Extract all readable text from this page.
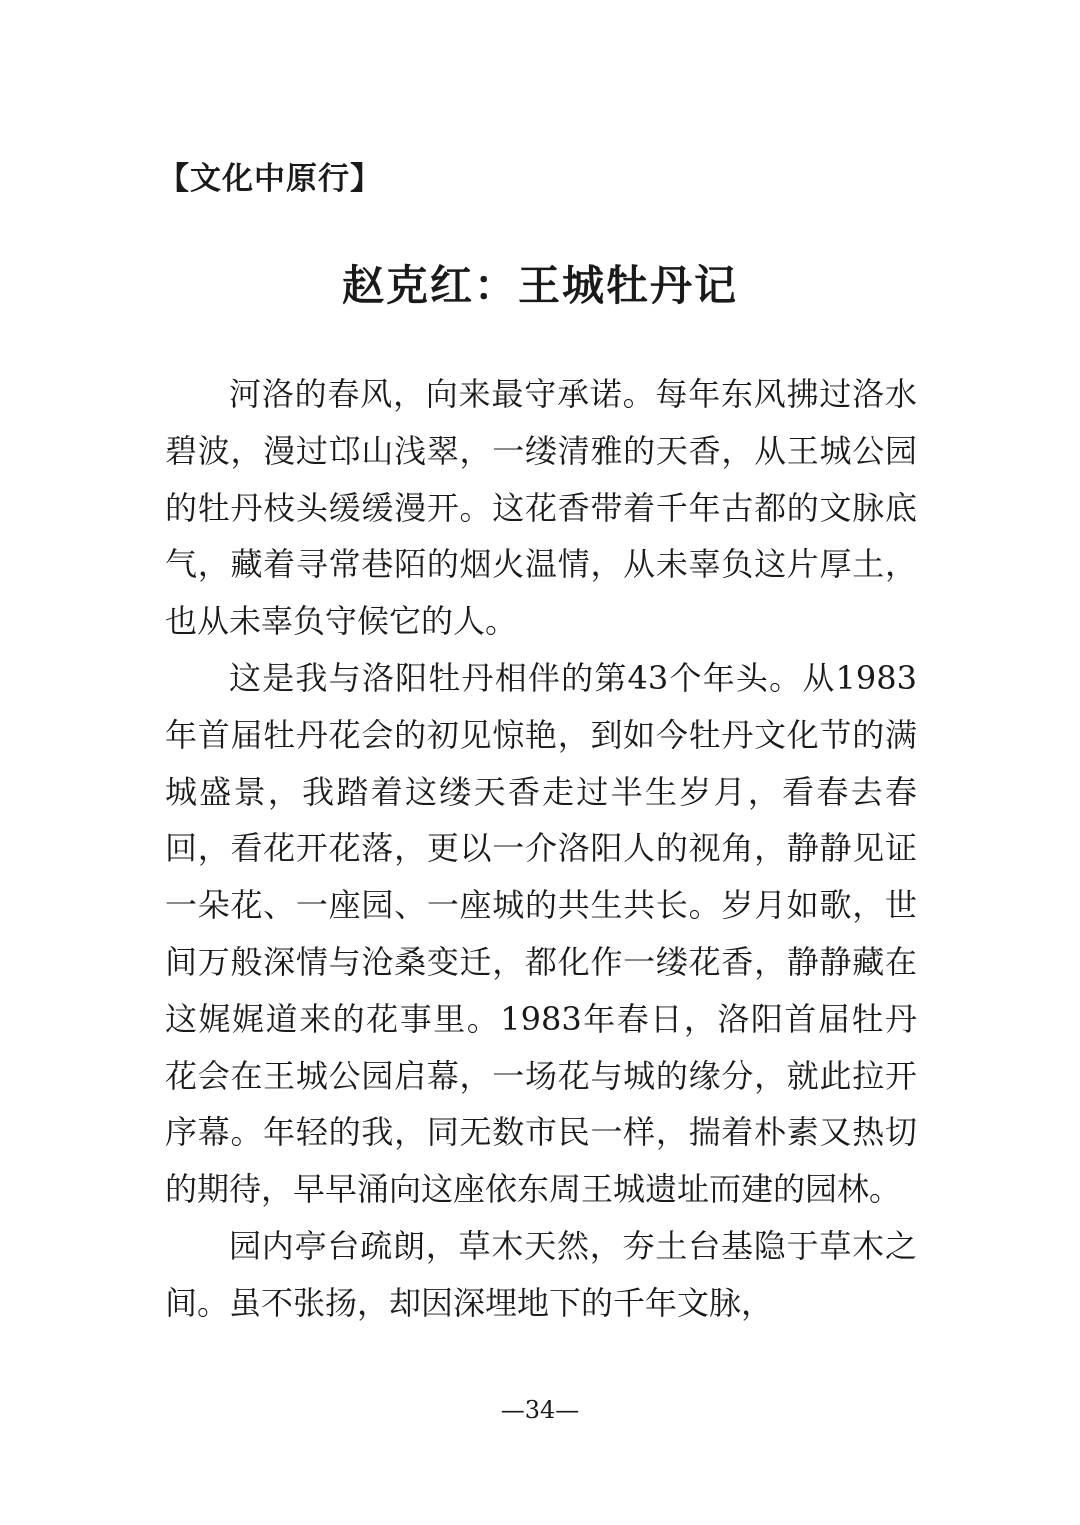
【文化中原行】
赵克红：王城牡丹记

河洛的春风，向来最守承诺。每年东风拂过洛水碧波，漫过邙山浅翠，一缕清雅的天香，从王城公园的牡丹枝头缓缓漫开。这花香带着千年古都的文脉底气，藏着寻常巷陌的烟火温情，从未辜负这片厚土，也从未辜负守候它的人。

这是我与洛阳牡丹相伴的第43个年头。从1983年首届牡丹花会的初见惊艳，到如今牡丹文化节的满城盛景，我踏着这缕天香走过半生岁月，看春去春回，看花开花落，更以一介洛阳人的视角，静静见证一朵花、一座园、一座城的共生共长。岁月如歌，世间万般深情与沧桑变迁，都化作一缕花香，静静藏在这娓娓道来的花事里。1983年春日，洛阳首届牡丹花会在王城公园启幕，一场花与城的缘分，就此拉开序幕。年轻的我，同无数市民一样，揣着朴素又热切的期待，早早涌向这座依东周王城遗址而建的园林。

园内亭台疏朗，草木天然，夯土台基隐于草木之间。虽不张扬，却因深埋地下的千年文脉，

—34—
